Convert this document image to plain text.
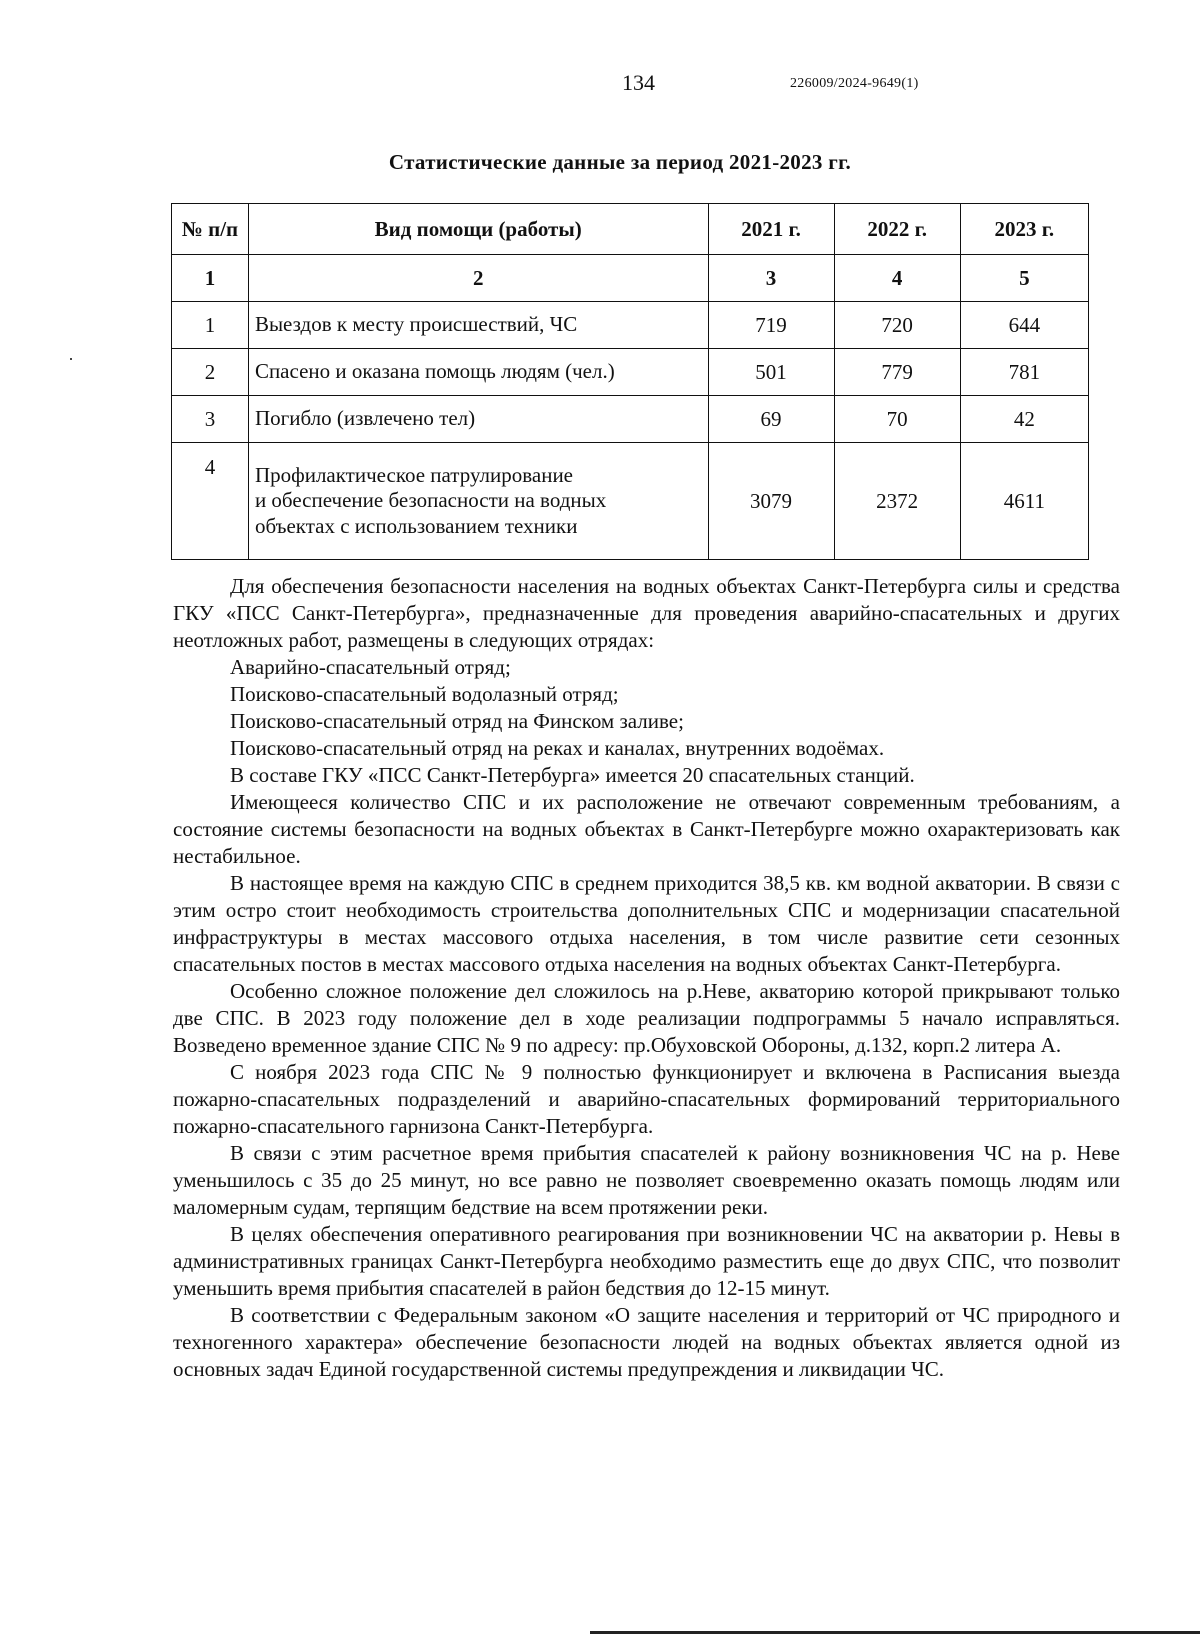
134	226009/2024-9649(1)
Статистические данные за период 2021-2023 гг.
№ п/п	Вид помощи (работы)	2021 г.	2022 г.	2023 г.
1	2	3	4	5
1	Выездов к месту происшествий, ЧС	719	720	644
2	Спасено и оказана помощь людям (чел.)	501	779	781
3	Погибло (извлечено тел)	69	70	42
4	Профилактическое патрулирование
и обеспечение безопасности на водных
объектах с использованием техники	3079	2372	4611

Для обеспечения безопасности населения на водных объектах Санкт-Петербурга силы и средства ГКУ «ПСС Санкт-Петербурга», предназначенные для проведения аварийно-спасательных и других неотложных работ, размещены в следующих отрядах:

Аварийно-спасательный отряд;

Поисково-спасательный водолазный отряд;

Поисково-спасательный отряд на Финском заливе;

Поисково-спасательный отряд на реках и каналах, внутренних водоёмах.

В составе ГКУ «ПСС Санкт-Петербурга» имеется 20 спасательных станций.

Имеющееся количество СПС и их расположение не отвечают современным требованиям, а состояние системы безопасности на водных объектах в Санкт-Петербурге можно охарактеризовать как нестабильное.

В настоящее время на каждую СПС в среднем приходится 38,5 кв. км водной акватории. В связи с этим остро стоит необходимость строительства дополнительных СПС и модернизации спасательной инфраструктуры в местах массового отдыха населения, в том числе развитие сети сезонных спасательных постов в местах массового отдыха населения на водных объектах Санкт-Петербурга.

Особенно сложное положение дел сложилось на р.Неве, акваторию которой прикрывают только две СПС. В 2023 году положение дел в ходе реализации подпрограммы 5 начало исправляться. Возведено временное здание СПС № 9 по адресу: пр.Обуховской Обороны, д.132, корп.2 литера А.

С ноября 2023 года СПС № 9 полностью функционирует и включена в Расписания выезда пожарно-спасательных подразделений и аварийно-спасательных формирований территориального пожарно-спасательного гарнизона Санкт-Петербурга.

В связи с этим расчетное время прибытия спасателей к району возникновения ЧС на р. Неве уменьшилось с 35 до 25 минут, но все равно не позволяет своевременно оказать помощь людям или маломерным судам, терпящим бедствие на всем протяжении реки.

В целях обеспечения оперативного реагирования при возникновении ЧС на акватории р. Невы в административных границах Санкт-Петербурга необходимо разместить еще до двух СПС, что позволит уменьшить время прибытия спасателей в район бедствия до 12-15 минут.

В соответствии с Федеральным законом «О защите населения и территорий от ЧС природного и техногенного характера» обеспечение безопасности людей на водных объектах является одной из основных задач Единой государственной системы предупреждения и ликвидации ЧС.
